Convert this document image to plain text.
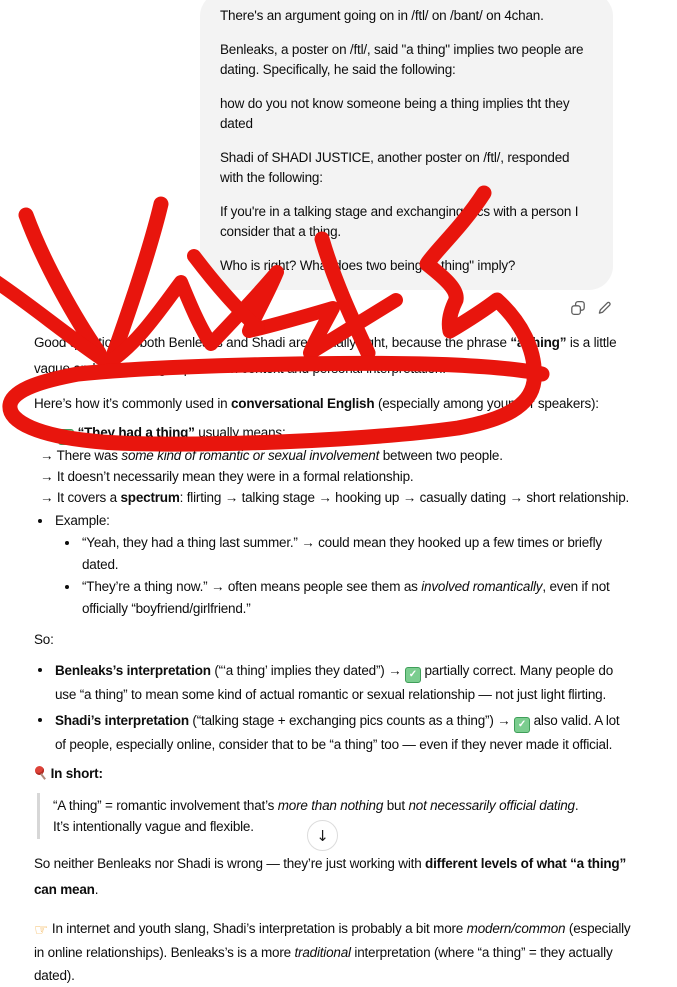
There's an argument going on in /ftl/ on /bant/ on 4chan.

Benleaks, a poster on /ftl/, said "a thing" implies two people are dating. Specifically, he said the following:

how do you not know someone being a thing implies tht they dated

Shadi of SHADI JUSTICE, another poster on /ftl/, responded with the following:

If you're in a talking stage and exchanging pics with a person I consider that a thing.

Who is right? What does two being "a thing" imply?

Good question — both Benleaks and Shadi are partially right, because the phrase “a thing” is a little vague and its meaning depends on context and personal interpretation.

Here’s how it’s commonly used in conversational English (especially among younger speakers):

✓ “They had a thing” usually means:
→ There was some kind of romantic or sexual involvement between two people.
→ It doesn’t necessarily mean they were in a formal relationship.
→ It covers a spectrum: flirting → talking stage → hooking up → casually dating → short relationship.
Example:
“Yeah, they had a thing last summer.” → could mean they hooked up a few times or briefly dated.
“They’re a thing now.” → often means people see them as involved romantically, even if not officially “boyfriend/girlfriend.”
So:
Benleaks’s interpretation (“‘a thing’ implies they dated”) → ✓ partially correct. Many people do use “a thing” to mean some kind of actual romantic or sexual relationship — not just light flirting.
Shadi’s interpretation (“talking stage + exchanging pics counts as a thing”) → ✓ also valid. A lot of people, especially online, consider that to be “a thing” too — even if they never made it official.
In short:
“A thing” = romantic involvement that’s more than nothing but not necessarily official dating.
It’s intentionally vague and flexible.

So neither Benleaks nor Shadi is wrong — they’re just working with different levels of what “a thing” can mean.

☞ In internet and youth slang, Shadi’s interpretation is probably a bit more modern/common (especially in online relationships). Benleaks’s is a more traditional interpretation (where “a thing” = they actually dated).

↓
